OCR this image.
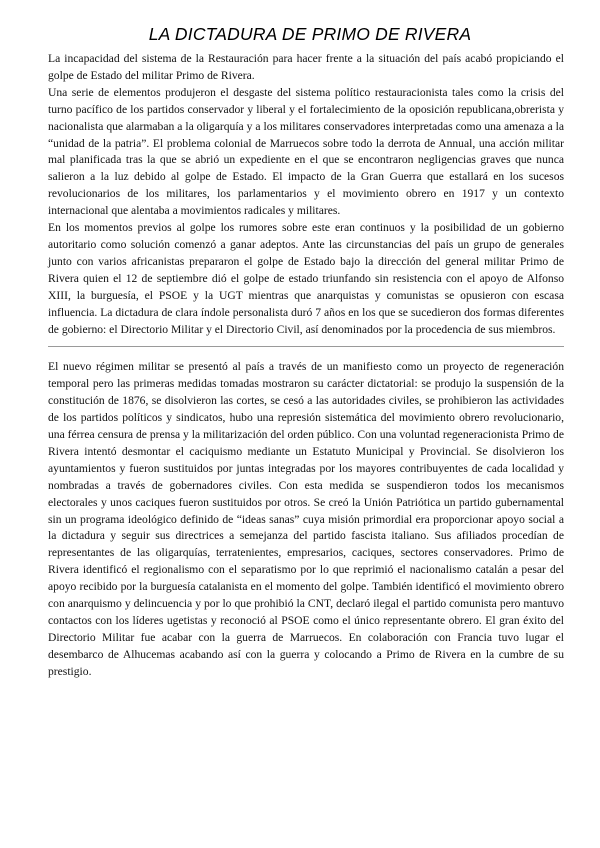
LA DICTADURA DE PRIMO DE RIVERA

La incapacidad del sistema de la Restauración para hacer frente a la situación del país acabó propiciando el golpe de Estado del militar Primo de Rivera.

Una serie de elementos produjeron el desgaste del sistema político restauracionista tales como la crisis del turno pacífico de los partidos conservador y liberal y el fortalecimiento de la oposición republicana,obrerista y nacionalista que alarmaban a la oligarquía y a los militares conservadores interpretadas como una amenaza a la “unidad de la patria”. El problema colonial de Marruecos sobre todo la derrota de Annual, una acción militar mal planificada tras la que se abrió un expediente en el que se encontraron negligencias graves que nunca salieron a la luz debido al golpe de Estado. El impacto de la Gran Guerra que estallará en los sucesos revolucionarios de los militares, los parlamentarios y el movimiento obrero en 1917 y un contexto internacional que alentaba a movimientos radicales y militares.

En los momentos previos al golpe los rumores sobre este eran continuos y la posibilidad de un gobierno autoritario como solución comenzó a ganar adeptos. Ante las circunstancias del país un grupo de generales junto con varios africanistas prepararon el golpe de Estado bajo la dirección del general militar Primo de Rivera quien el 12 de septiembre dió el golpe de estado triunfando sin resistencia con el apoyo de Alfonso XIII, la burguesía, el PSOE y la UGT mientras que anarquistas y comunistas se opusieron con escasa influencia. La dictadura de clara índole personalista duró 7 años en los que se sucedieron dos formas diferentes de gobierno: el Directorio Militar y el Directorio Civil, así denominados por la procedencia de sus miembros.

El nuevo régimen militar se presentó al país a través de un manifiesto como un proyecto de regeneración temporal pero las primeras medidas tomadas mostraron su carácter dictatorial: se produjo la suspensión de la constitución de 1876, se disolvieron las cortes, se cesó a las autoridades civiles, se prohibieron las actividades de los partidos políticos y sindicatos, hubo una represión sistemática del movimiento obrero revolucionario, una férrea censura de prensa y la militarización del orden público. Con una voluntad regeneracionista Primo de Rivera intentó desmontar el caciquismo mediante un Estatuto Municipal y Provincial. Se disolvieron los ayuntamientos y fueron sustituidos por juntas integradas por los mayores contribuyentes de cada localidad y nombradas a través de gobernadores civiles. Con esta medida se suspendieron todos los mecanismos electorales y unos caciques fueron sustituidos por otros. Se creó la Unión Patriótica un partido gubernamental sin un programa ideológico definido de “ideas sanas” cuya misión primordial era proporcionar apoyo social a la dictadura y seguir sus directrices a semejanza del partido fascista italiano. Sus afiliados procedían de representantes de las oligarquías, terratenientes, empresarios, caciques, sectores conservadores. Primo de Rivera identificó el regionalismo con el separatismo por lo que reprimió el nacionalismo catalán a pesar del apoyo recibido por la burguesía catalanista en el momento del golpe. También identificó el movimiento obrero con anarquismo y delincuencia y por lo que prohibió la CNT, declaró ilegal el partido comunista pero mantuvo contactos con los líderes ugetistas y reconoció al PSOE como el único representante obrero. El gran éxito del Directorio Militar fue acabar con la guerra de Marruecos. En colaboración con Francia tuvo lugar el desembarco de Alhucemas acabando así con la guerra y colocando a Primo de Rivera en la cumbre de su prestigio.
